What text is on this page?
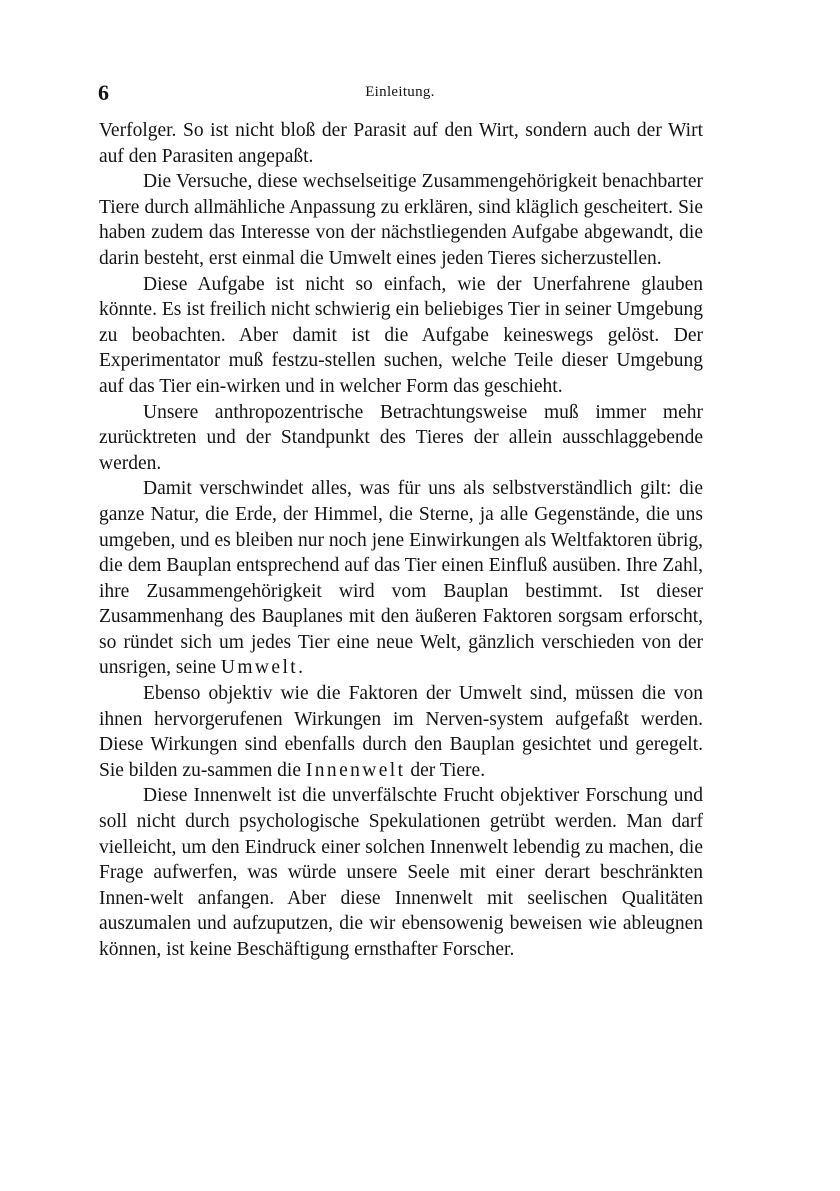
6	Einleitung.

Verfolger. So ist nicht bloß der Parasit auf den Wirt, sondern auch der Wirt auf den Parasiten angepaßt.

Die Versuche, diese wechselseitige Zusammengehörigkeit benachbarter Tiere durch allmähliche Anpassung zu erklären, sind kläglich gescheitert. Sie haben zudem das Interesse von der nächstliegenden Aufgabe abgewandt, die darin besteht, erst einmal die Umwelt eines jeden Tieres sicherzustellen.

Diese Aufgabe ist nicht so einfach, wie der Unerfahrene glauben könnte. Es ist freilich nicht schwierig ein beliebiges Tier in seiner Umgebung zu beobachten. Aber damit ist die Aufgabe keineswegs gelöst. Der Experimentator muß festzu-stellen suchen, welche Teile dieser Umgebung auf das Tier ein-wirken und in welcher Form das geschieht.

Unsere anthropozentrische Betrachtungsweise muß immer mehr zurücktreten und der Standpunkt des Tieres der allein ausschlaggebende werden.

Damit verschwindet alles, was für uns als selbstverständlich gilt: die ganze Natur, die Erde, der Himmel, die Sterne, ja alle Gegenstände, die uns umgeben, und es bleiben nur noch jene Einwirkungen als Weltfaktoren übrig, die dem Bauplan entsprechend auf das Tier einen Einfluß ausüben. Ihre Zahl, ihre Zusammengehörigkeit wird vom Bauplan bestimmt. Ist dieser Zusammenhang des Bauplanes mit den äußeren Faktoren sorgsam erforscht, so ründet sich um jedes Tier eine neue Welt, gänzlich verschieden von der unsrigen, seine Umwelt.

Ebenso objektiv wie die Faktoren der Umwelt sind, müssen die von ihnen hervorgerufenen Wirkungen im Nerven-system aufgefaßt werden. Diese Wirkungen sind ebenfalls durch den Bauplan gesichtet und geregelt. Sie bilden zu-sammen die Innenwelt der Tiere.

Diese Innenwelt ist die unverfälschte Frucht objektiver Forschung und soll nicht durch psychologische Spekulationen getrübt werden. Man darf vielleicht, um den Eindruck einer solchen Innenwelt lebendig zu machen, die Frage aufwerfen, was würde unsere Seele mit einer derart beschränkten Innen-welt anfangen. Aber diese Innenwelt mit seelischen Qualitäten auszumalen und aufzuputzen, die wir ebensowenig beweisen wie ableugnen können, ist keine Beschäftigung ernsthafter Forscher.
